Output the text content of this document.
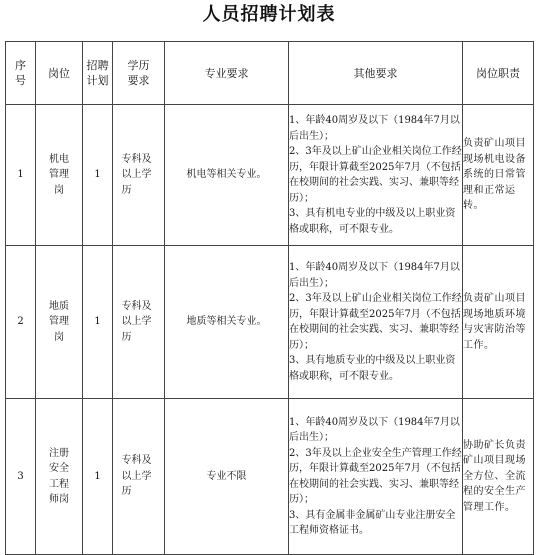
人员招聘计划表
序号	岗位	招聘计划	学历要求	专业要求	其他要求	岗位职责
1	机电管理岗	1	专科及以上学历	机电等相关专业。	1、年龄40周岁及以下（1984年7月以后出生）；
2、3年及以上矿山企业相关岗位工作经历，年限计算截至2025年7月（不包括在校期间的社会实践、实习、兼职等经历）；
3、具有机电专业的中级及以上职业资格或职称，可不限专业。	负责矿山项目现场机电设备系统的日常管理和正常运转。
2	地质管理岗	1	专科及以上学历	地质等相关专业。	1、年龄40周岁及以下（1984年7月以后出生）；
2、3年及以上矿山企业相关岗位工作经历，年限计算截至2025年7月（不包括在校期间的社会实践、实习、兼职等经历）；
3、具有地质专业的中级及以上职业资格或职称，可不限专业。	负责矿山项目现场地质环境与灾害防治等工作。
3	注册安全工程师岗	1	专科及以上学历	专业不限	1、年龄40周岁及以下（1984年7月以后出生）；
2、3年及以上企业安全生产管理工作经历，年限计算截至2025年7月（不包括在校期间的社会实践、实习、兼职等经历）；
3、具有金属非金属矿山专业注册安全工程师资格证书。	协助矿长负责矿山项目现场全方位、全流程的安全生产管理工作。
